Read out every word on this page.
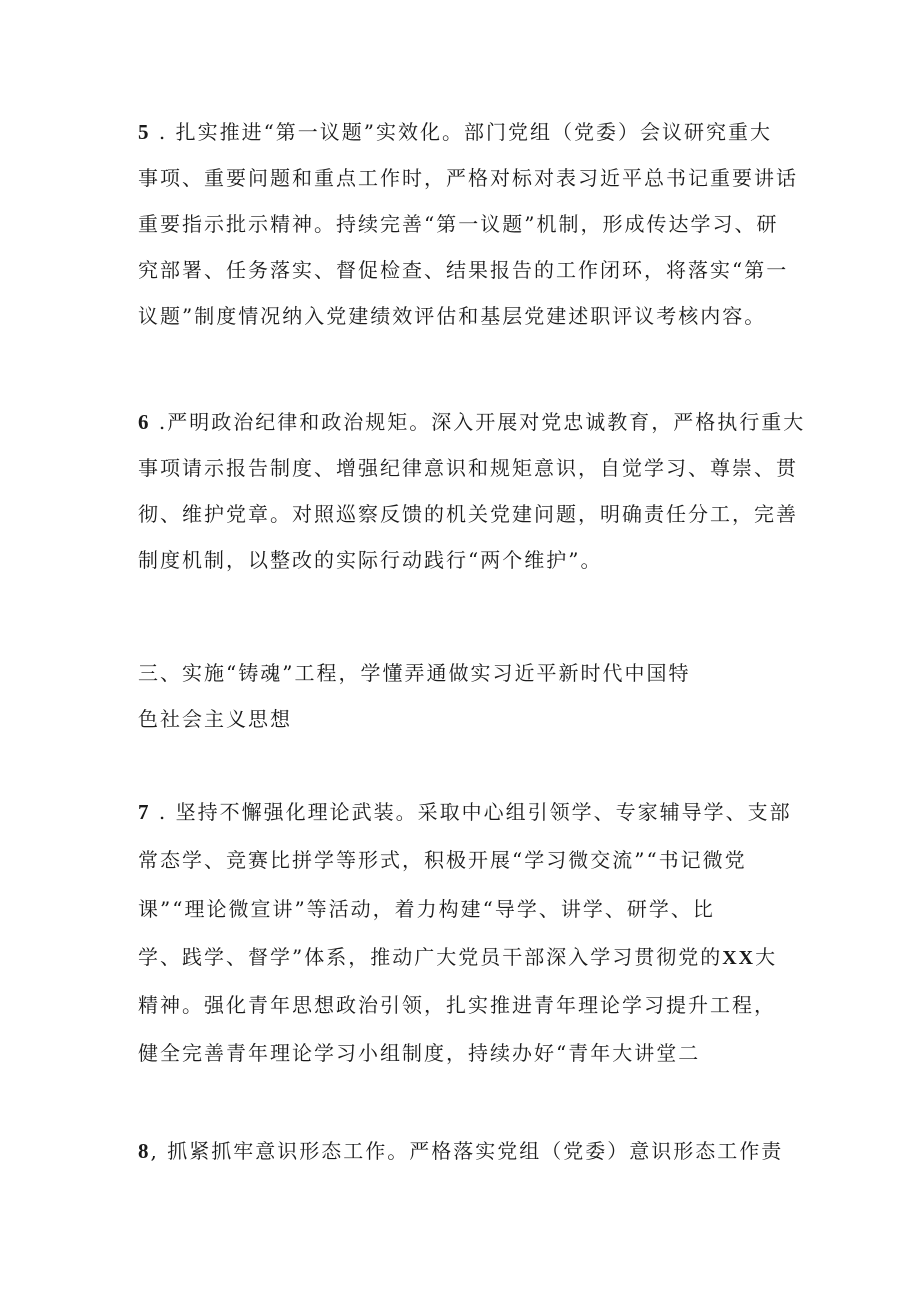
5 . 扎实推进“第一议题”实效化。部门党组（党委）会议研究重大
事项、重要问题和重点工作时，严格对标对表习近平总书记重要讲话
重要指示批示精神。持续完善“第一议题”机制，形成传达学习、研
究部署、任务落实、督促检查、结果报告的工作闭环，将落实“第一
议题”制度情况纳入党建绩效评估和基层党建述职评议考核内容。
6 .严明政治纪律和政治规矩。深入开展对党忠诚教育，严格执行重大
事项请示报告制度、增强纪律意识和规矩意识，自觉学习、尊崇、贯
彻、维护党章。对照巡察反馈的机关党建问题，明确责任分工，完善
制度机制，以整改的实际行动践行“两个维护”。
三、实施“铸魂”工程，学懂弄通做实习近平新时代中国特
色社会主义思想
7 . 坚持不懈强化理论武装。采取中心组引领学、专家辅导学、支部
常态学、竞赛比拼学等形式，积极开展“学习微交流”“书记微党
课”“理论微宣讲”等活动，着力构建“导学、讲学、研学、比
学、践学、督学”体系，推动广大党员干部深入学习贯彻党的XX大
精神。强化青年思想政治引领，扎实推进青年理论学习提升工程，
健全完善青年理论学习小组制度，持续办好“青年大讲堂二
8, 抓紧抓牢意识形态工作。严格落实党组（党委）意识形态工作责
